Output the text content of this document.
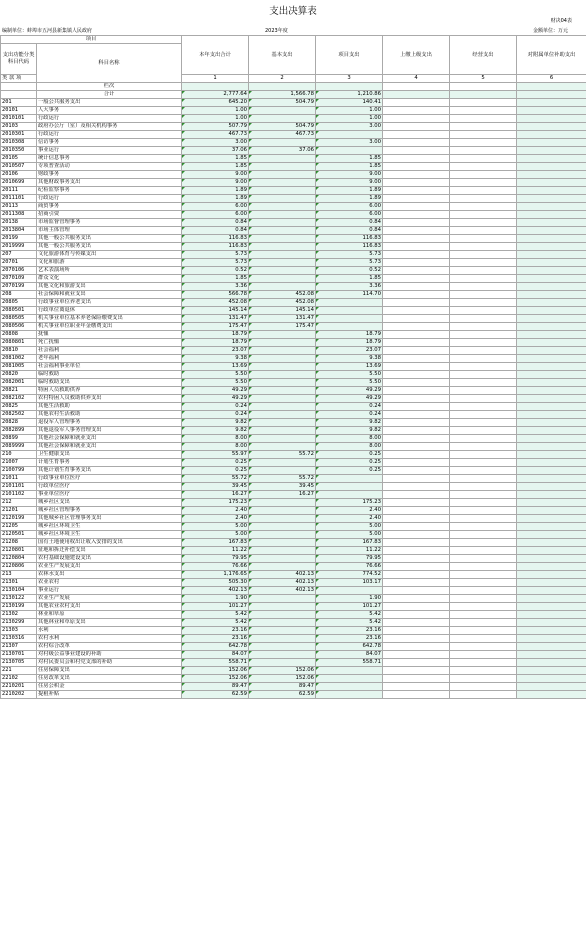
支出决算表
财决04表
编制单位：蚌埠市五河县新集镇人民政府	2023年度	金额单位：万元
项目		本年支出合计	基本支出	项目支出	上缴上级支出	经营支出	对附属单位补助支出
支出功能分类科目代码	科目名称						

类 款 项		1	2	3	4	5	6
	栏次						
	合计	2,777.64	1,566.78	1,210.86			
201	一般公共服务支出	645.20	504.79	140.41			
20101	人大事务	1.00		1.00			
2010101	行政运行	1.00		1.00			
20103	政府办公厅（室）及相关机构事务	507.79	504.79	3.00			
2010301	行政运行	467.73	467.73				
2010308	信访事务	3.00		3.00			
2010350	事业运行	37.06	37.06				
20105	统计信息事务	1.85		1.85			
2010507	专项普查活动	1.85		1.85			
20106	财政事务	9.00		9.00			
2010699	其他财政事务支出	9.00		9.00			
20111	纪检监察事务	1.89		1.89			
2011101	行政运行	1.89		1.89			
20113	商贸事务	6.00		6.00			
2011308	招商引资	6.00		6.00			
20138	市场监督管理事务	0.84		0.84			
2013804	市场主体管理	0.84		0.84			
20199	其他一般公共服务支出	116.83		116.83			
2019999	其他一般公共服务支出	116.83		116.83			
207	文化旅游体育与传媒支出	5.73		5.73			
20701	文化和旅游	5.73		5.73			
2070106	艺术表演场所	0.52		0.52			
2070109	群众文化	1.85		1.85			
2070199	其他文化和旅游支出	3.36		3.36			
208	社会保障和就业支出	566.78	452.08	114.70			
20805	行政事业单位养老支出	452.08	452.08				
2080501	行政单位离退休	145.14	145.14				
2080505	机关事业单位基本养老保险缴费支出	131.47	131.47				
2080506	机关事业单位职业年金缴费支出	175.47	175.47				
20808	抚恤	18.79		18.79			
2080801	死亡抚恤	18.79		18.79			
20810	社会福利	23.07		23.07			
2081002	老年福利	9.38		9.38			
2081005	社会福利事业单位	13.69		13.69			
20820	临时救助	5.50		5.50			
2082001	临时救助支出	5.50		5.50			
20821	特困人员救助供养	49.29		49.29			
2082102	农村特困人员救助供养支出	49.29		49.29			
20825	其他生活救助	0.24		0.24			
2082502	其他农村生活救助	0.24		0.24			
20828	退役军人管理事务	9.82		9.82			
2082899	其他退役军人事务管理支出	9.82		9.82			
20899	其他社会保障和就业支出	8.00		8.00			
2089999	其他社会保障和就业支出	8.00		8.00			
210	卫生健康支出	55.97	55.72	0.25			
21007	计划生育事务	0.25		0.25			
2100799	其他计划生育事务支出	0.25		0.25			
21011	行政事业单位医疗	55.72	55.72				
2101101	行政单位医疗	39.45	39.45				
2101102	事业单位医疗	16.27	16.27				
212	城乡社区支出	175.23		175.23			
21201	城乡社区管理事务	2.40		2.40			
2120199	其他城乡社区管理事务支出	2.40		2.40			
21205	城乡社区环境卫生	5.00		5.00			
2120501	城乡社区环境卫生	5.00		5.00			
21208	国有土地使用权出让收入安排的支出	167.83		167.83			
2120801	征地和拆迁补偿支出	11.22		11.22			
2120804	农村基础设施建设支出	79.95		79.95			
2120806	农业生产发展支出	76.66		76.66			
213	农林水支出	1,176.65	402.13	774.52			
21301	农业农村	505.30	402.13	103.17			
2130104	事业运行	402.13	402.13				
2130122	农业生产发展	1.90		1.90			
2130199	其他农业农村支出	101.27		101.27			
21302	林业和草原	5.42		5.42			
2130299	其他林业和草原支出	5.42		5.42			
21303	水利	23.16		23.16			
2130316	农村水利	23.16		23.16			
21307	农村综合改革	642.78		642.78			
2130701	对村级公益事业建设的补助	84.07		84.07			
2130705	对村民委员会和村党支部的补助	558.71		558.71			
221	住房保障支出	152.06	152.06				
22102	住房改革支出	152.06	152.06				
2210201	住房公积金	89.47	89.47				
2210202	提租补贴	62.59	62.59				
